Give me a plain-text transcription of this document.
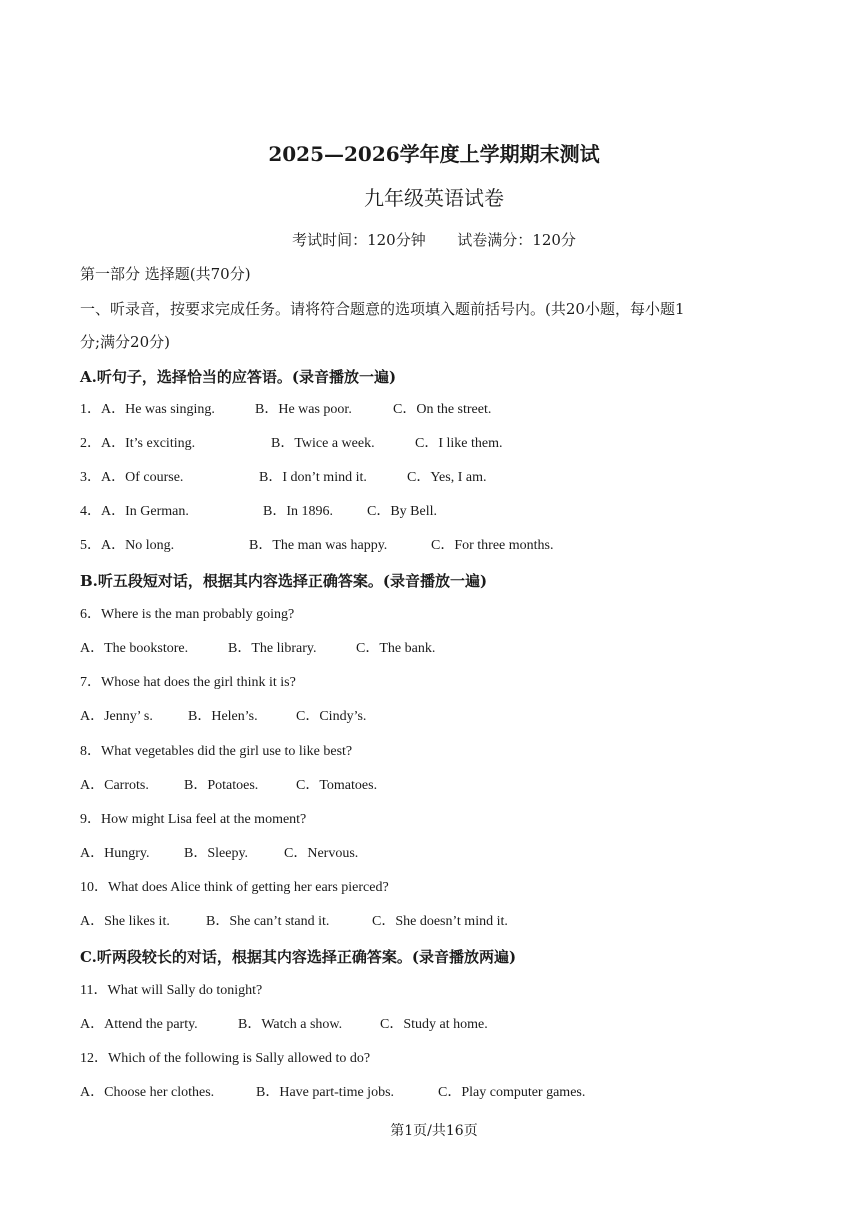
2025—2026学年度上学期期末测试
九年级英语试卷
考试时间：120分钟 试卷满分：120分
第一部分 选择题(共70分)
一、听录音，按要求完成任务。请将符合题意的选项填入题前括号内。(共20小题，每小题1
分;满分20分)
A.听句子，选择恰当的应答语。(录音播放一遍)
1．A．He was singing.	B．He was poor.	C．On the street.
2．A．It’s exciting.	B．Twice a week.	C．I like them.
3．A．Of course.	B．I don’t mind it.	C．Yes, I am.
4．A．In German.	B．In 1896. C．By Bell.
5．A．No long.	B．The man was happy.	C．For three months.
B.听五段短对话，根据其内容选择正确答案。(录音播放一遍)
6．Where is the man probably going?
A．The bookstore.	B．The library.	C．The bank.
7．Whose hat does the girl think it is?
A．Jenny’ s.	B．Helen’s.	C．Cindy’s.
8．What vegetables did the girl use to like best?
A．Carrots.	B．Potatoes.	C．Tomatoes.
9．How might Lisa feel at the moment?
A．Hungry. B．Sleepy.	C．Nervous.
10．What does Alice think of getting her ears pierced?
A．She likes it.	B．She can’t stand it.	C．She doesn’t mind it.
C.听两段较长的对话，根据其内容选择正确答案。(录音播放两遍)
11．What will Sally do tonight?
A．Attend the party.	B．Watch a show.	C．Study at home.
12．Which of the following is Sally allowed to do?
A．Choose her clothes.	B．Have part-time jobs.	C．Play computer games.
第1页/共16页
